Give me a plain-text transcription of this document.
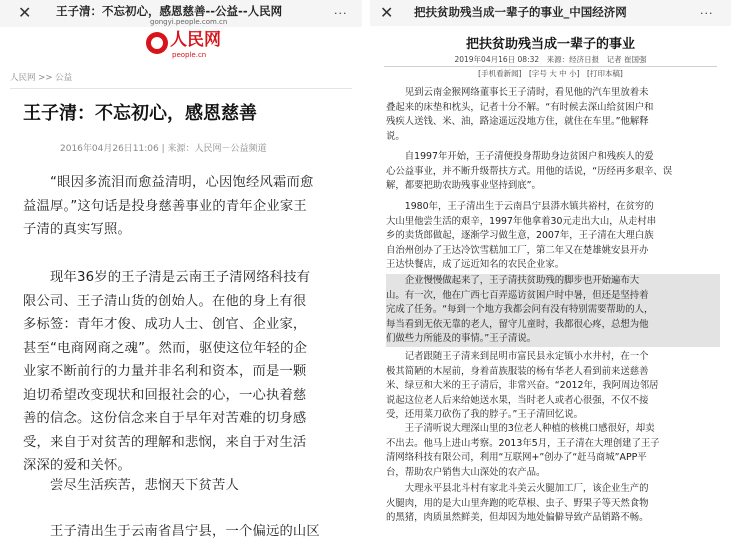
✕ 王子清：不忘初心，感恩慈善--公益--人民网
gongyi.people.com.cn
···
人民网
people.cn
人民网 >> 公益
王子清：不忘初心，感恩慈善
2016年04月26日11:06 | 来源：人民网－公益频道
　　“眼因多流泪而愈益清明，心因饱经风霜而愈
益温厚。”这句话是投身慈善事业的青年企业家王
子清的真实写照。
　　现年36岁的王子清是云南王子清网络科技有
限公司、王子清山货的创始人。在他的身上有很
多标签：青年才俊、成功人士、创官、企业家，
甚至“电商网商之魂”。然而，驱使这位年轻的企
业家不断前行的力量并非名利和资本，而是一颗
迫切希望改变现状和回报社会的心，一心执着慈
善的信念。这份信念来自于早年对苦难的切身感
受，来自于对贫苦的理解和悲悯，来自于对生活
深深的爱和关怀。
　　尝尽生活疾苦，悲悯天下贫苦人
　　王子清出生于云南省昌宁县，一个偏远的山区
✕ 把扶贫助残当成一辈子的事业_中国经济网	···
把扶贫助残当成一辈子的事业
2019年04月16日 08:32　来源：经济日报　记者 崔国强
[手机看新闻]　[字号 大 中 小]　[打印本稿]
　　见到云南金猴网络董事长王子清时，看见他的汽车里放着未
叠起来的床垫和枕头，记者十分不解。“有时候去深山给贫困户和
残疾人送钱、米、油，路途遥远没地方住，就住在车里。”他解释
说。
　　自1997年开始，王子清便投身帮助身边贫困户和残疾人的爱
心公益事业，并不断升级帮扶方式。用他的话说，“历经再多艰辛、误
解，都要把助农助残事业坚持到底”。
　　1980年，王子清出生于云南昌宁县漭水镇共裕村，在贫穷的
大山里他尝生活的艰辛，1997年他拿着30元走出大山，从走村串
乡的卖货郎做起，逐渐学习做生意，2007年，王子清在大理白族
自治州创办了王达冷饮雪糕加工厂，第二年又在楚雄姚安县开办
王达快餐店，成了远近知名的农民企业家。
　　企业慢慢做起来了，王子清扶贫助残的脚步也开始遍布大
山。有一次，他在广西七百弄巡访贫困户时中暑，但还是坚持着
完成了任务。“每到一个地方我都会问有没有特别需要帮助的人，
每当看到无依无靠的老人，留守儿童时，我都很心疼，总想为他
们做些力所能及的事情。”王子清说。
　　记者跟随王子清来到昆明市富民县永定镇小水井村，在一个
极其简陋的木屋前，身着苗族服装的杨有华老人看到前来送慈善
米、绿豆和大米的王子清后，非常兴奋。“2012年，我阿周边邻居
说起这位老人后来给她送水果，当时老人或者心很强，不仅不接
受，还用菜刀砍伤了我的脖子。”王子清回忆说。
　　王子清听说大理深山里的3位老人种植的核桃口感很好，却卖
不出去。他马上进山考察。2013年5月，王子清在大理创建了王子
清网络科技有限公司，利用“互联网+”创办了“赶马商城”APP平
台，帮助农户销售大山深处的农产品。
　　大理永平县北斗村有家北斗美云火腿加工厂，该企业生产的
火腿肉，用的是大山里奔跑的吃草根、虫子、野果子等天然食物
的黑猪，肉质虽然鲜美，但却因为地处偏僻导致产品销路不畅。
